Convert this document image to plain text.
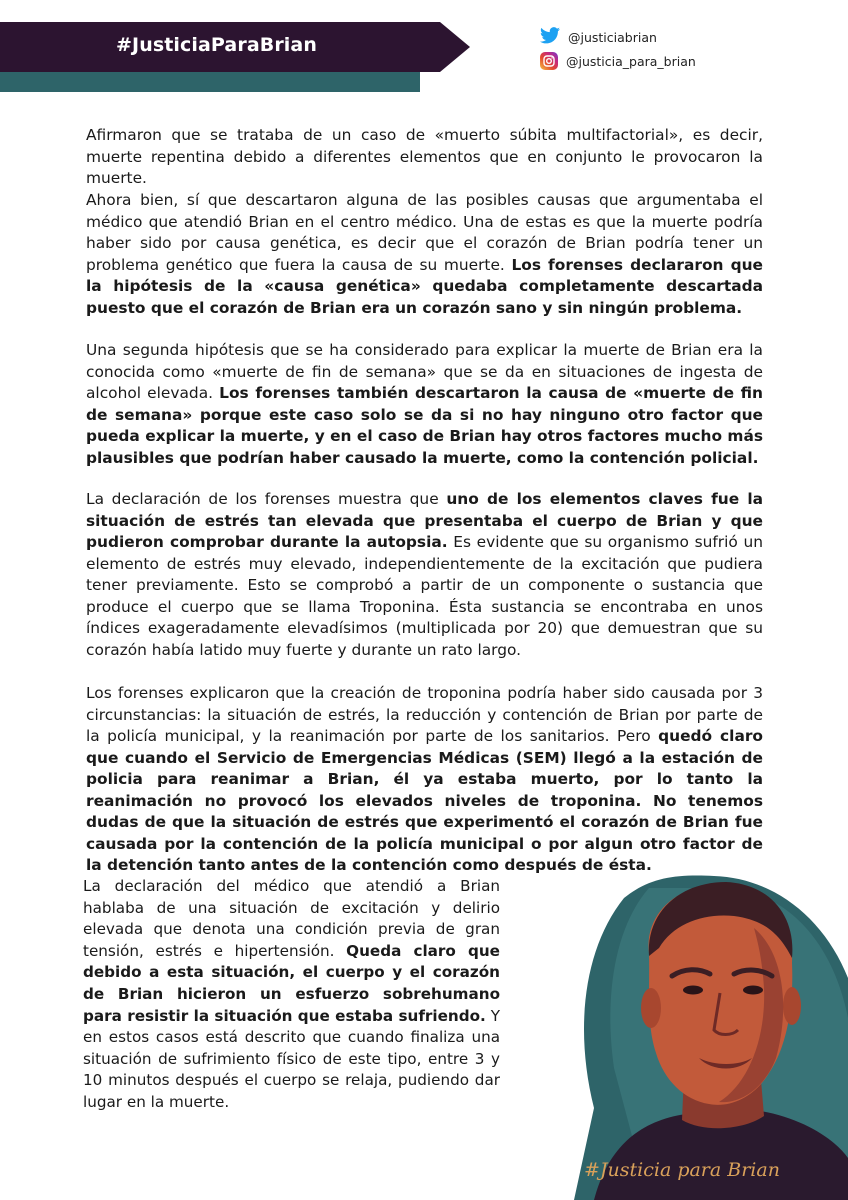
#JusticiaParaBrian	@justiciabrian
@justicia_para_brian

Afirmaron que se trataba de un caso de «muerto súbita multifactorial», es decir, muerte repentina debido a diferentes elementos que en conjunto le provocaron la muerte.

Ahora bien, sí que descartaron alguna de las posibles causas que argumentaba el médico que atendió Brian en el centro médico. Una de estas es que la muerte podría haber sido por causa genética, es decir que el corazón de Brian podría tener un problema genético que fuera la causa de su muerte. Los forenses declararon que la hipótesis de la «causa genética» quedaba completamente descartada puesto que el corazón de Brian era un corazón sano y sin ningún problema.

Una segunda hipótesis que se ha considerado para explicar la muerte de Brian era la conocida como «muerte de fin de semana» que se da en situaciones de ingesta de alcohol elevada. Los forenses también descartaron la causa de «muerte de fin de semana» porque este caso solo se da si no hay ninguno otro factor que pueda explicar la muerte, y en el caso de Brian hay otros factores mucho más plausibles que podrían haber causado la muerte, como la contención policial.

La declaración de los forenses muestra que uno de los elementos claves fue la situación de estrés tan elevada que presentaba el cuerpo de Brian y que pudieron comprobar durante la autopsia. Es evidente que su organismo sufrió un elemento de estrés muy elevado, independientemente de la excitación que pudiera tener previamente. Esto se comprobó a partir de un componente o sustancia que produce el cuerpo que se llama Troponina. Ésta sustancia se encontraba en unos índices exageradamente elevadísimos (multiplicada por 20) que demuestran que su corazón había latido muy fuerte y durante un rato largo.

Los forenses explicaron que la creación de troponina podría haber sido causada por 3 circunstancias: la situación de estrés, la reducción y contención de Brian por parte de la policía municipal, y la reanimación por parte de los sanitarios. Pero quedó claro que cuando el Servicio de Emergencias Médicas (SEM) llegó a la estación de policia para reanimar a Brian, él ya estaba muerto, por lo tanto la reanimación no provocó los elevados niveles de troponina. No tenemos dudas de que la situación de estrés que experimentó el corazón de Brian fue causada por la contención de la policía municipal o por algun otro factor de la detención tanto antes de la contención como después de ésta.

La declaración del médico que atendió a Brian hablaba de una situación de excitación y delirio elevada que denota una condición previa de gran tensión, estrés e hipertensión. Queda claro que debido a esta situación, el cuerpo y el corazón de Brian hicieron un esfuerzo sobrehumano para resistir la situación que estaba sufriendo. Y en estos casos está descrito que cuando finaliza una situación de sufrimiento físico de este tipo, entre 3 y 10 minutos después el cuerpo se relaja, pudiendo dar lugar en la muerte.

#Justicia para Brian
